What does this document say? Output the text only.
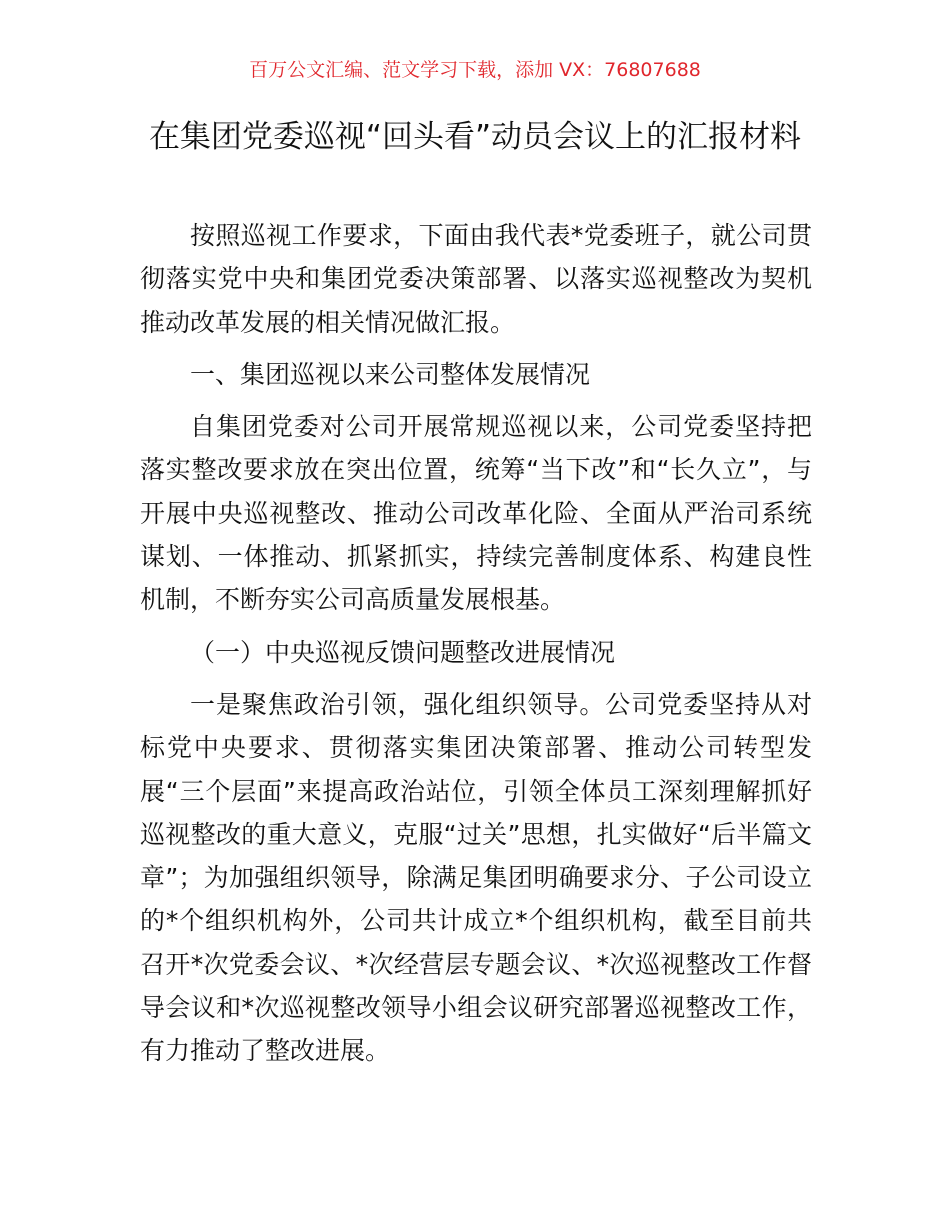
百万公文汇编、范文学习下载，添加 VX：76807688
在集团党委巡视“回头看”动员会议上的汇报材料

按照巡视工作要求，下面由我代表*党委班子，就公司贯彻落实党中央和集团党委决策部署、以落实巡视整改为契机推动改革发展的相关情况做汇报。

一、集团巡视以来公司整体发展情况

自集团党委对公司开展常规巡视以来，公司党委坚持把落实整改要求放在突出位置，统筹“当下改”和“长久立”，与开展中央巡视整改、推动公司改革化险、全面从严治司系统谋划、一体推动、抓紧抓实，持续完善制度体系、构建良性机制，不断夯实公司高质量发展根基。

（一）中央巡视反馈问题整改进展情况

一是聚焦政治引领，强化组织领导。公司党委坚持从对标党中央要求、贯彻落实集团决策部署、推动公司转型发展“三个层面”来提高政治站位，引领全体员工深刻理解抓好巡视整改的重大意义，克服“过关”思想，扎实做好“后半篇文章”；为加强组织领导，除满足集团明确要求分、子公司设立的*个组织机构外，公司共计成立*个组织机构，截至目前共召开*次党委会议、*次经营层专题会议、*次巡视整改工作督导会议和*次巡视整改领导小组会议研究部署巡视整改工作，有力推动了整改进展。
